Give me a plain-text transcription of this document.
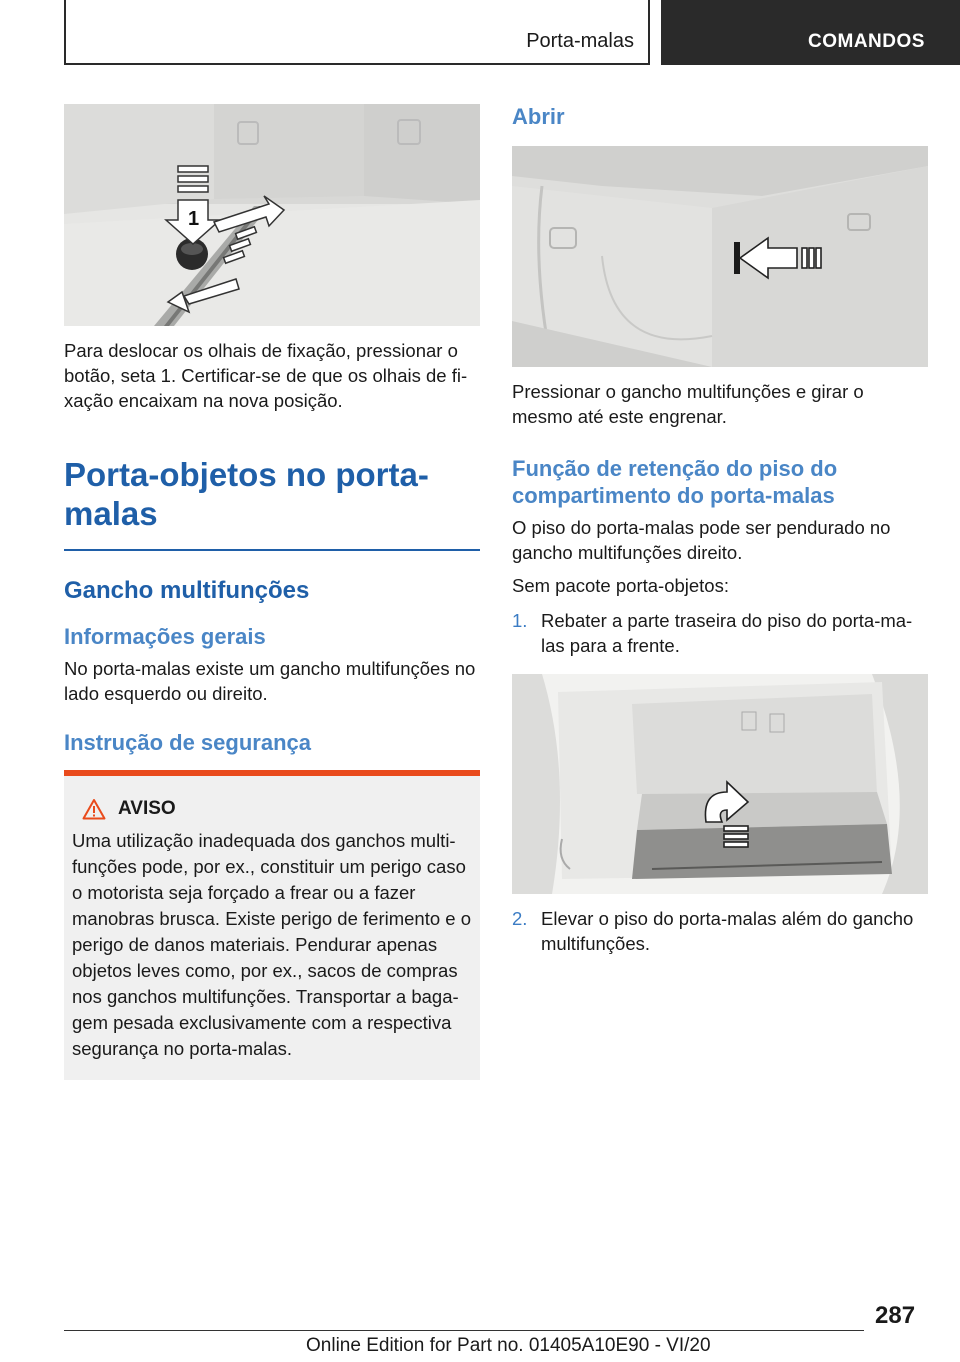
Porta-malas	COMANDOS
1

Para deslocar os olhais de fixação, pressionar o botão, seta 1. Certificar-se de que os olhais de fi-xação encaixam na nova posição.

Porta-objetos no porta-malas
Gancho multifunções
Informações gerais

No porta-malas existe um gancho multifunções no lado esquerdo ou direito.

Instrução de segurança
AVISO

Uma utilização inadequada dos ganchos multi-funções pode, por ex., constituir um perigo caso o motorista seja forçado a frear ou a fazer manobras brusca. Existe perigo de ferimento e o perigo de danos materiais. Pendurar apenas objetos leves como, por ex., sacos de compras nos ganchos multifunções. Transportar a baga-gem pesada exclusivamente com a respectiva segurança no porta-malas.

Abrir

Pressionar o gancho multifunções e girar o mesmo até este engrenar.

Função de retenção do piso do compartimento do porta-malas

O piso do porta-malas pode ser pendurado no gancho multifunções direito.

Sem pacote porta-objetos:

1. Rebater a parte traseira do piso do porta-ma-las para a frente.
2. Elevar o piso do porta-malas além do gancho multifunções.
287
Online Edition for Part no. 01405A10E90 - VI/20
